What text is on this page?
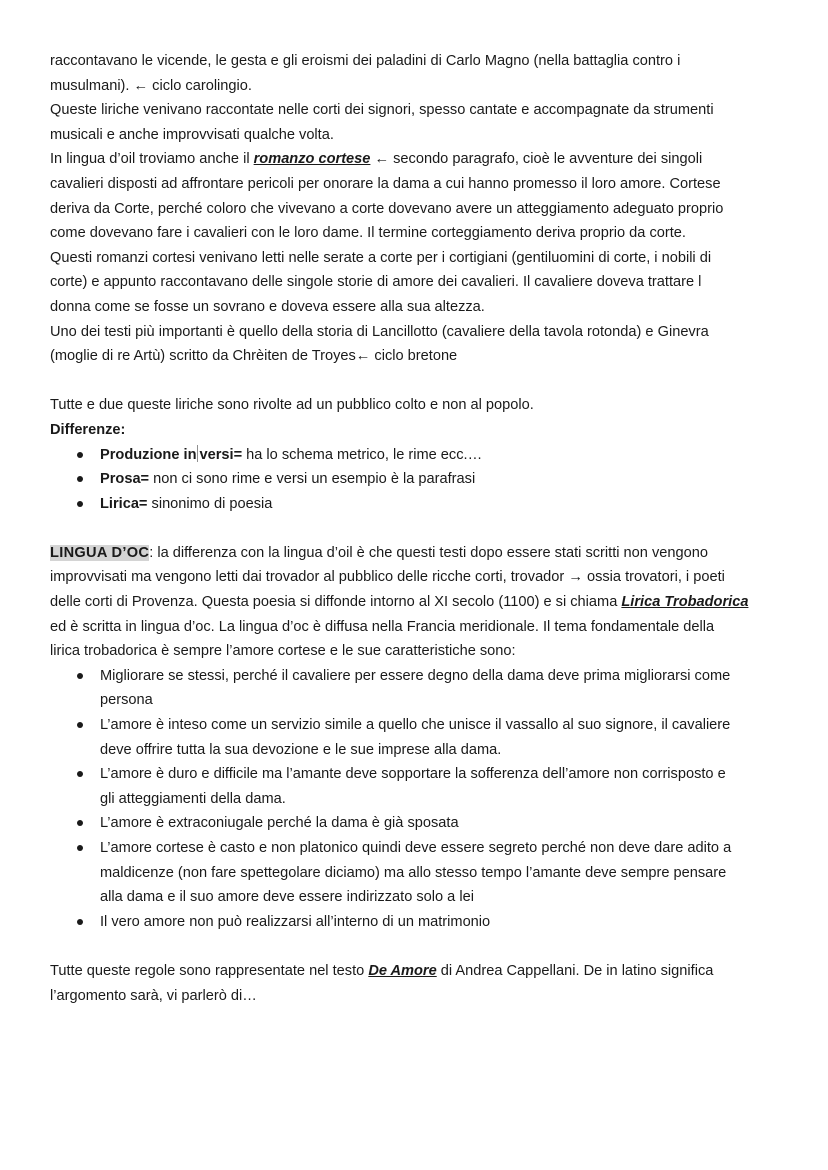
raccontavano le vicende, le gesta e gli eroismi dei paladini di Carlo Magno (nella battaglia contro i
musulmani). ← ciclo carolingio.
Queste liriche venivano raccontate nelle corti dei signori, spesso cantate e accompagnate da strumenti
musicali e anche improvvisati qualche volta.
In lingua d’oil troviamo anche il romanzo cortese ← secondo paragrafo, cioè le avventure dei singoli
cavalieri disposti ad affrontare pericoli per onorare la dama a cui hanno promesso il loro amore. Cortese
deriva da Corte, perché coloro che vivevano a corte dovevano avere un atteggiamento adeguato proprio
come dovevano fare i cavalieri con le loro dame. Il termine corteggiamento deriva proprio da corte.
Questi romanzi cortesi venivano letti nelle serate a corte per i cortigiani (gentiluomini di corte, i nobili di
corte) e appunto raccontavano delle singole storie di amore dei cavalieri. Il cavaliere doveva trattare l
donna come se fosse un sovrano e doveva essere alla sua altezza.
Uno dei testi più importanti è quello della storia di Lancillotto (cavaliere della tavola rotonda) e Ginevra
(moglie di re Artù) scritto da Chrèiten de Troyes← ciclo bretone
Tutte e due queste liriche sono rivolte ad un pubblico colto e non al popolo.
Differenze:
Produzione in versi= ha lo schema metrico, le rime ecc.…
Prosa= non ci sono rime e versi un esempio è la parafrasi
Lirica= sinonimo di poesia
LINGUA D’OC: la differenza con la lingua d’oil è che questi testi dopo essere stati scritti non vengono
improvvisati ma vengono letti dai trovador al pubblico delle ricche corti, trovador → ossia trovatori, i poeti
delle corti di Provenza. Questa poesia si diffonde intorno al XI secolo (1100) e si chiama Lirica Trobadorica
ed è scritta in lingua d’oc. La lingua d’oc è diffusa nella Francia meridionale. Il tema fondamentale della
lirica trobadorica è sempre l’amore cortese e le sue caratteristiche sono:
Migliorare se stessi, perché il cavaliere per essere degno della dama deve prima migliorarsi come
persona
L’amore è inteso come un servizio simile a quello che unisce il vassallo al suo signore, il cavaliere
deve offrire tutta la sua devozione e le sue imprese alla dama.
L’amore è duro e difficile ma l’amante deve sopportare la sofferenza dell’amore non corrisposto e
gli atteggiamenti della dama.
L’amore è extraconiugale perché la dama è già sposata
L’amore cortese è casto e non platonico quindi deve essere segreto perché non deve dare adito a
maldicenze (non fare spettegolare diciamo) ma allo stesso tempo l’amante deve sempre pensare
alla dama e il suo amore deve essere indirizzato solo a lei
Il vero amore non può realizzarsi all’interno di un matrimonio
Tutte queste regole sono rappresentate nel testo De Amore di Andrea Cappellani. De in latino significa
l’argomento sarà, vi parlerò di…
